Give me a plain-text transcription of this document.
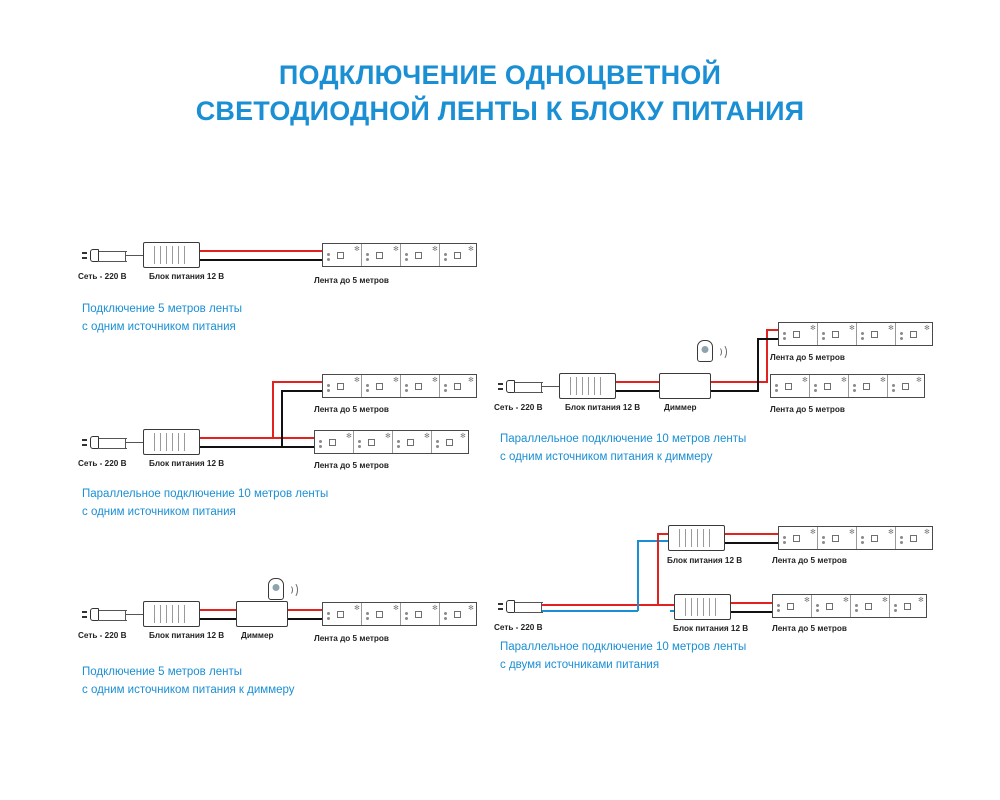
ПОДКЛЮЧЕНИЕ ОДНОЦВЕТНОЙ
СВЕТОДИОДНОЙ ЛЕНТЫ К БЛОКУ ПИТАНИЯ
✻	✻	✻	✻
Сеть - 220 В	Блок питания 12 В	Лента до 5 метров
Подключение 5 метров ленты
с одним источником питания
✻	✻	✻	✻
✻	✻	✻	✻
Сеть - 220 В	Блок питания 12 В
Лента до 5 метров
Лента до 5 метров
Параллельное подключение 10 метров ленты
с одним источником питания
✻	✻	✻	✻
Сеть - 220 В	Блок питания 12 В Диммер	Лента до 5 метров
Подключение 5 метров ленты
с одним источником питания к диммеру
✻	✻	✻	✻
✻	✻	✻	✻
Сеть - 220 В	Блок питания 12 В	Диммер
Лента до 5 метров
Лента до 5 метров
Параллельное подключение 10 метров ленты
с одним источником питания к диммеру
✻	✻	✻	✻
✻	✻	✻	✻
Сеть - 220 В
Блок питания 12 В
Блок питания 12 В
Лента до 5 метров
Лента до 5 метров
Параллельное подключение 10 метров ленты
с двумя источниками питания
